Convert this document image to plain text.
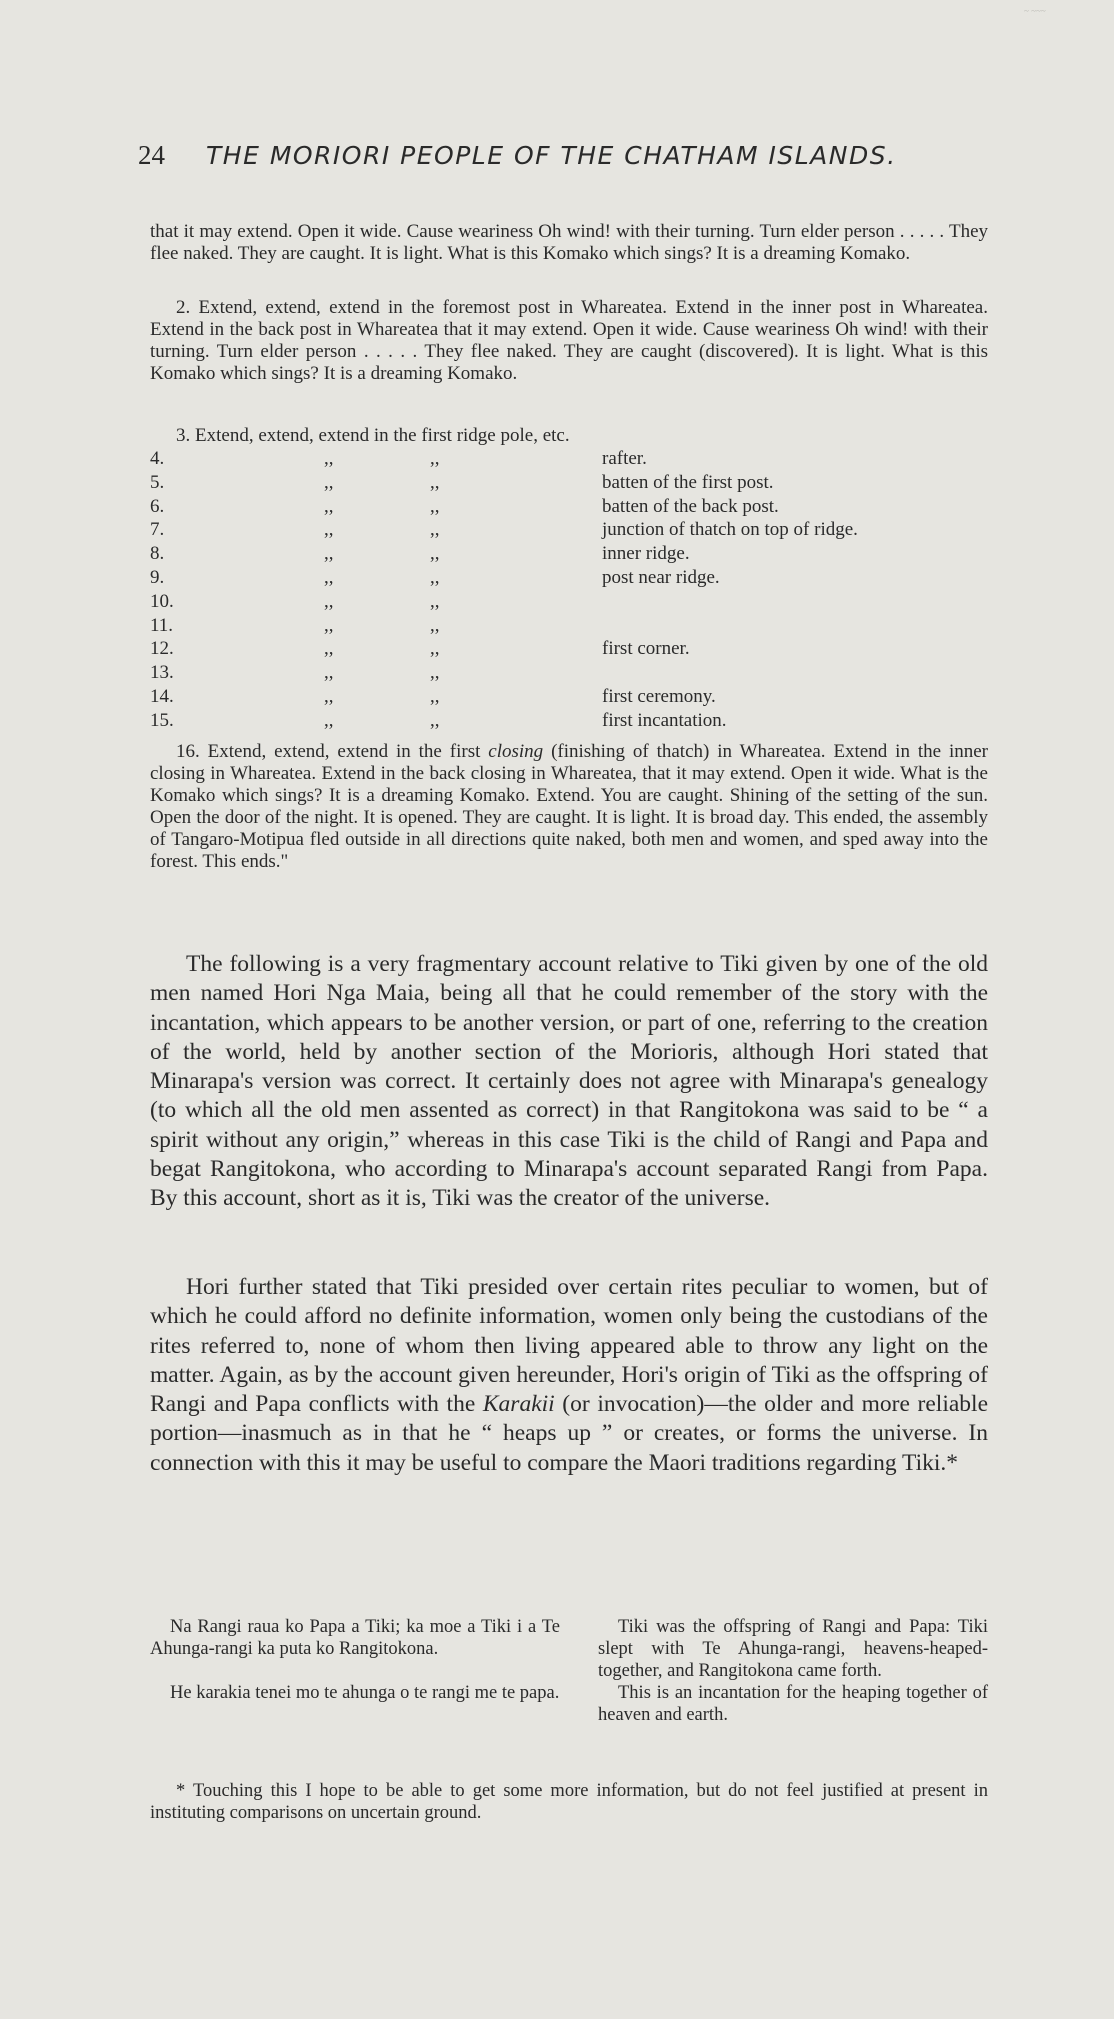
~ ~~~
24 THE MORIORI PEOPLE OF THE CHATHAM ISLANDS.

that it may extend. Open it wide. Cause weariness Oh wind! with their turning. Turn elder person . . . . . They flee naked. They are caught. It is light. What is this Komako which sings? It is a dreaming Komako.

2. Extend, extend, extend in the foremost post in Whareatea. Extend in the inner post in Whareatea. Extend in the back post in Whareatea that it may extend. Open it wide. Cause weariness Oh wind! with their turning. Turn elder person . . . . . They flee naked. They are caught (discovered). It is light. What is this Komako which sings? It is a dreaming Komako.

3. Extend, extend, extend in the first ridge pole, etc.

4.	,,	,,	rafter.
5.	,,	,,	batten of the first post.
6.	,,	,,	batten of the back post.
7.	,,	,,	junction of thatch on top of ridge.
8.	,,	,,	inner ridge.
9.	,,	,,	post near ridge.
10.	,,	,,
11.	,,	,,
12.	,,	,,	first corner.
13.	,,	,,
14.	,,	,,	first ceremony.
15.	,,	,,	first incantation.

16. Extend, extend, extend in the first closing (finishing of thatch) in Whareatea. Extend in the inner closing in Whareatea. Extend in the back closing in Whareatea, that it may extend. Open it wide. What is the Komako which sings? It is a dreaming Komako. Extend. You are caught. Shining of the setting of the sun. Open the door of the night. It is opened. They are caught. It is light. It is broad day. This ended, the assembly of Tangaro-Motipua fled outside in all directions quite naked, both men and women, and sped away into the forest. This ends."

The following is a very fragmentary account relative to Tiki given by one of the old men named Hori Nga Maia, being all that he could remember of the story with the incantation, which appears to be another version, or part of one, referring to the creation of the world, held by another section of the Morioris, although Hori stated that Minarapa's version was correct. It certainly does not agree with Minarapa's genealogy (to which all the old men assented as correct) in that Rangitokona was said to be “ a spirit without any origin,” whereas in this case Tiki is the child of Rangi and Papa and begat Rangitokona, who according to Minarapa's account separated Rangi from Papa. By this account, short as it is, Tiki was the creator of the universe.

Hori further stated that Tiki presided over certain rites peculiar to women, but of which he could afford no definite information, women only being the custodians of the rites referred to, none of whom then living appeared able to throw any light on the matter. Again, as by the account given hereunder, Hori's origin of Tiki as the offspring of Rangi and Papa conflicts with the Karakii (or invocation)—the older and more reliable portion—inasmuch as in that he “ heaps up ” or creates, or forms the universe. In connection with this it may be useful to compare the Maori traditions regarding Tiki.*

Na Rangi raua ko Papa a Tiki; ka moe a Tiki i a Te Ahunga-rangi ka puta ko Rangitokona.

He karakia tenei mo te ahunga o te rangi me te papa.

Tiki was the offspring of Rangi and Papa: Tiki slept with Te Ahunga-rangi, heavens-heaped-together, and Rangitokona came forth.

This is an incantation for the heaping together of heaven and earth.

* Touching this I hope to be able to get some more information, but do not feel justified at present in instituting comparisons on uncertain ground.
